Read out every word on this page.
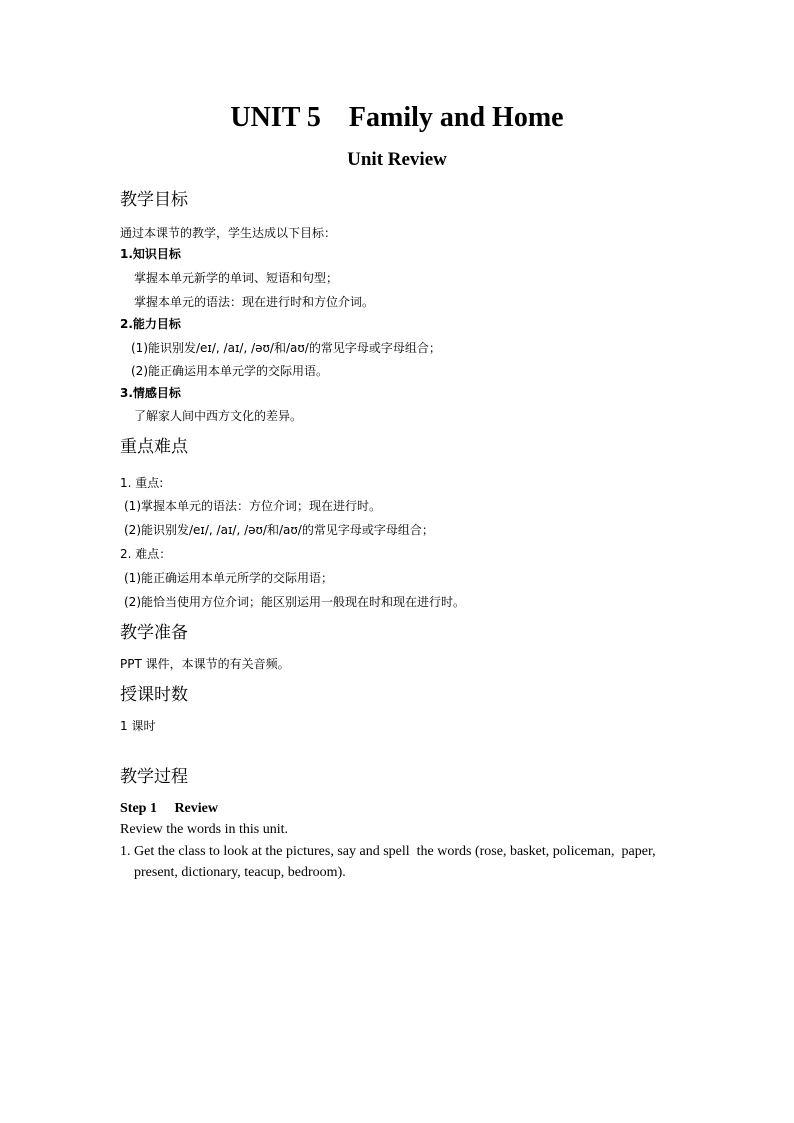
UNIT 5    Family and Home
Unit Review
教学目标
通过本课节的教学，学生达成以下目标：
1.知识目标
掌握本单元新学的单词、短语和句型；
掌握本单元的语法：现在进行时和方位介词。
2.能力目标
(1)能识别发/eɪ/, /aɪ/, /əʊ/和/aʊ/的常见字母或字母组合；
(2)能正确运用本单元学的交际用语。
3.情感目标
了解家人间中西方文化的差异。
重点难点
1. 重点:
(1)掌握本单元的语法：方位介词；现在进行时。
(2)能识别发/eɪ/, /aɪ/, /əʊ/和/aʊ/的常见字母或字母组合；
2. 难点：
(1)能正确运用本单元所学的交际用语；
(2)能恰当使用方位介词；能区别运用一般现在时和现在进行时。
教学准备
PPT 课件，本课节的有关音频。
授课时数
1 课时
教学过程
Step 1     Review
Review the words in this unit.
1. Get the class to look at the pictures, say and spell  the words (rose, basket, policeman,  paper,
present, dictionary, teacup, bedroom).
